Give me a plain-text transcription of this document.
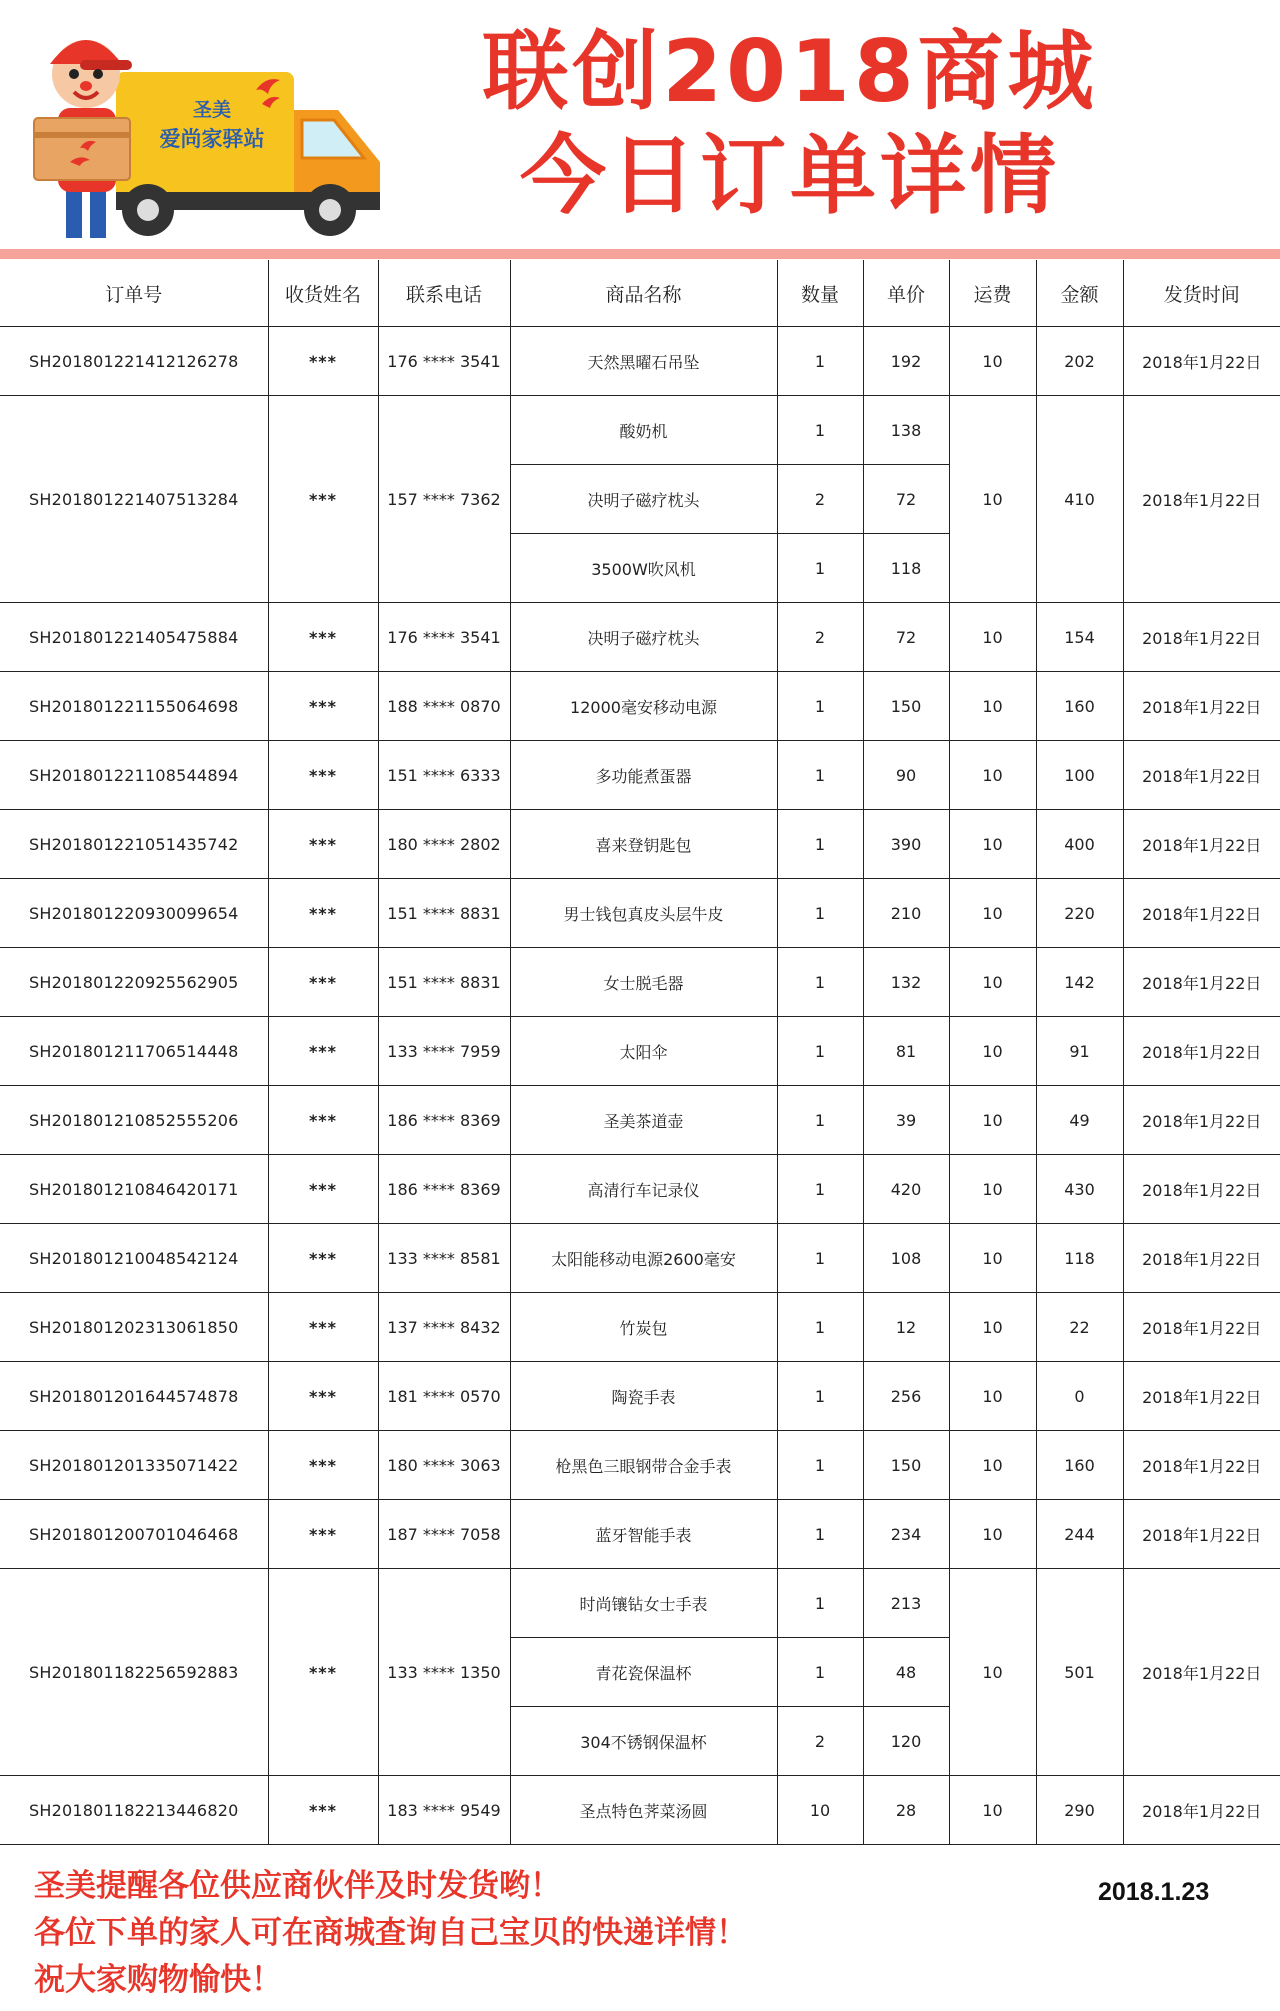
圣美
爱尚家驿站
联创2018商城
今日订单详情
订单号	收货姓名	联系电话	商品名称	数量	单价	运费	金额	发货时间
SH201801221412126278	***	176 **** 3541	天然黑曜石吊坠	1	192	10	202	2018年1月22日
SH201801221407513284	***	157 **** 7362	酸奶机	1	138	10	410	2018年1月22日
			决明子磁疗枕头	2	72			
			3500W吹风机	1	118			
SH201801221405475884	***	176 **** 3541	决明子磁疗枕头	2	72	10	154	2018年1月22日
SH201801221155064698	***	188 **** 0870	12000毫安移动电源	1	150	10	160	2018年1月22日
SH201801221108544894	***	151 **** 6333	多功能煮蛋器	1	90	10	100	2018年1月22日
SH201801221051435742	***	180 **** 2802	喜来登钥匙包	1	390	10	400	2018年1月22日
SH201801220930099654	***	151 **** 8831	男士钱包真皮头层牛皮	1	210	10	220	2018年1月22日
SH201801220925562905	***	151 **** 8831	女士脱毛器	1	132	10	142	2018年1月22日
SH201801211706514448	***	133 **** 7959	太阳伞	1	81	10	91	2018年1月22日
SH201801210852555206	***	186 **** 8369	圣美茶道壶	1	39	10	49	2018年1月22日
SH201801210846420171	***	186 **** 8369	高清行车记录仪	1	420	10	430	2018年1月22日
SH201801210048542124	***	133 **** 8581	太阳能移动电源2600毫安	1	108	10	118	2018年1月22日
SH201801202313061850	***	137 **** 8432	竹炭包	1	12	10	22	2018年1月22日
SH201801201644574878	***	181 **** 0570	陶瓷手表	1	256	10	0	2018年1月22日
SH201801201335071422	***	180 **** 3063	枪黑色三眼钢带合金手表	1	150	10	160	2018年1月22日
SH201801200701046468	***	187 **** 7058	蓝牙智能手表	1	234	10	244	2018年1月22日
SH201801182256592883	***	133 **** 1350	时尚镶钻女士手表	1	213	10	501	2018年1月22日
			青花瓷保温杯	1	48			
			304不锈钢保温杯	2	120			
SH201801182213446820	***	183 **** 9549	圣点特色荠菜汤圆	10	28	10	290	2018年1月22日
圣美提醒各位供应商伙伴及时发货哟！
各位下单的家人可在商城查询自己宝贝的快递详情！
祝大家购物愉快！
2018.1.23
